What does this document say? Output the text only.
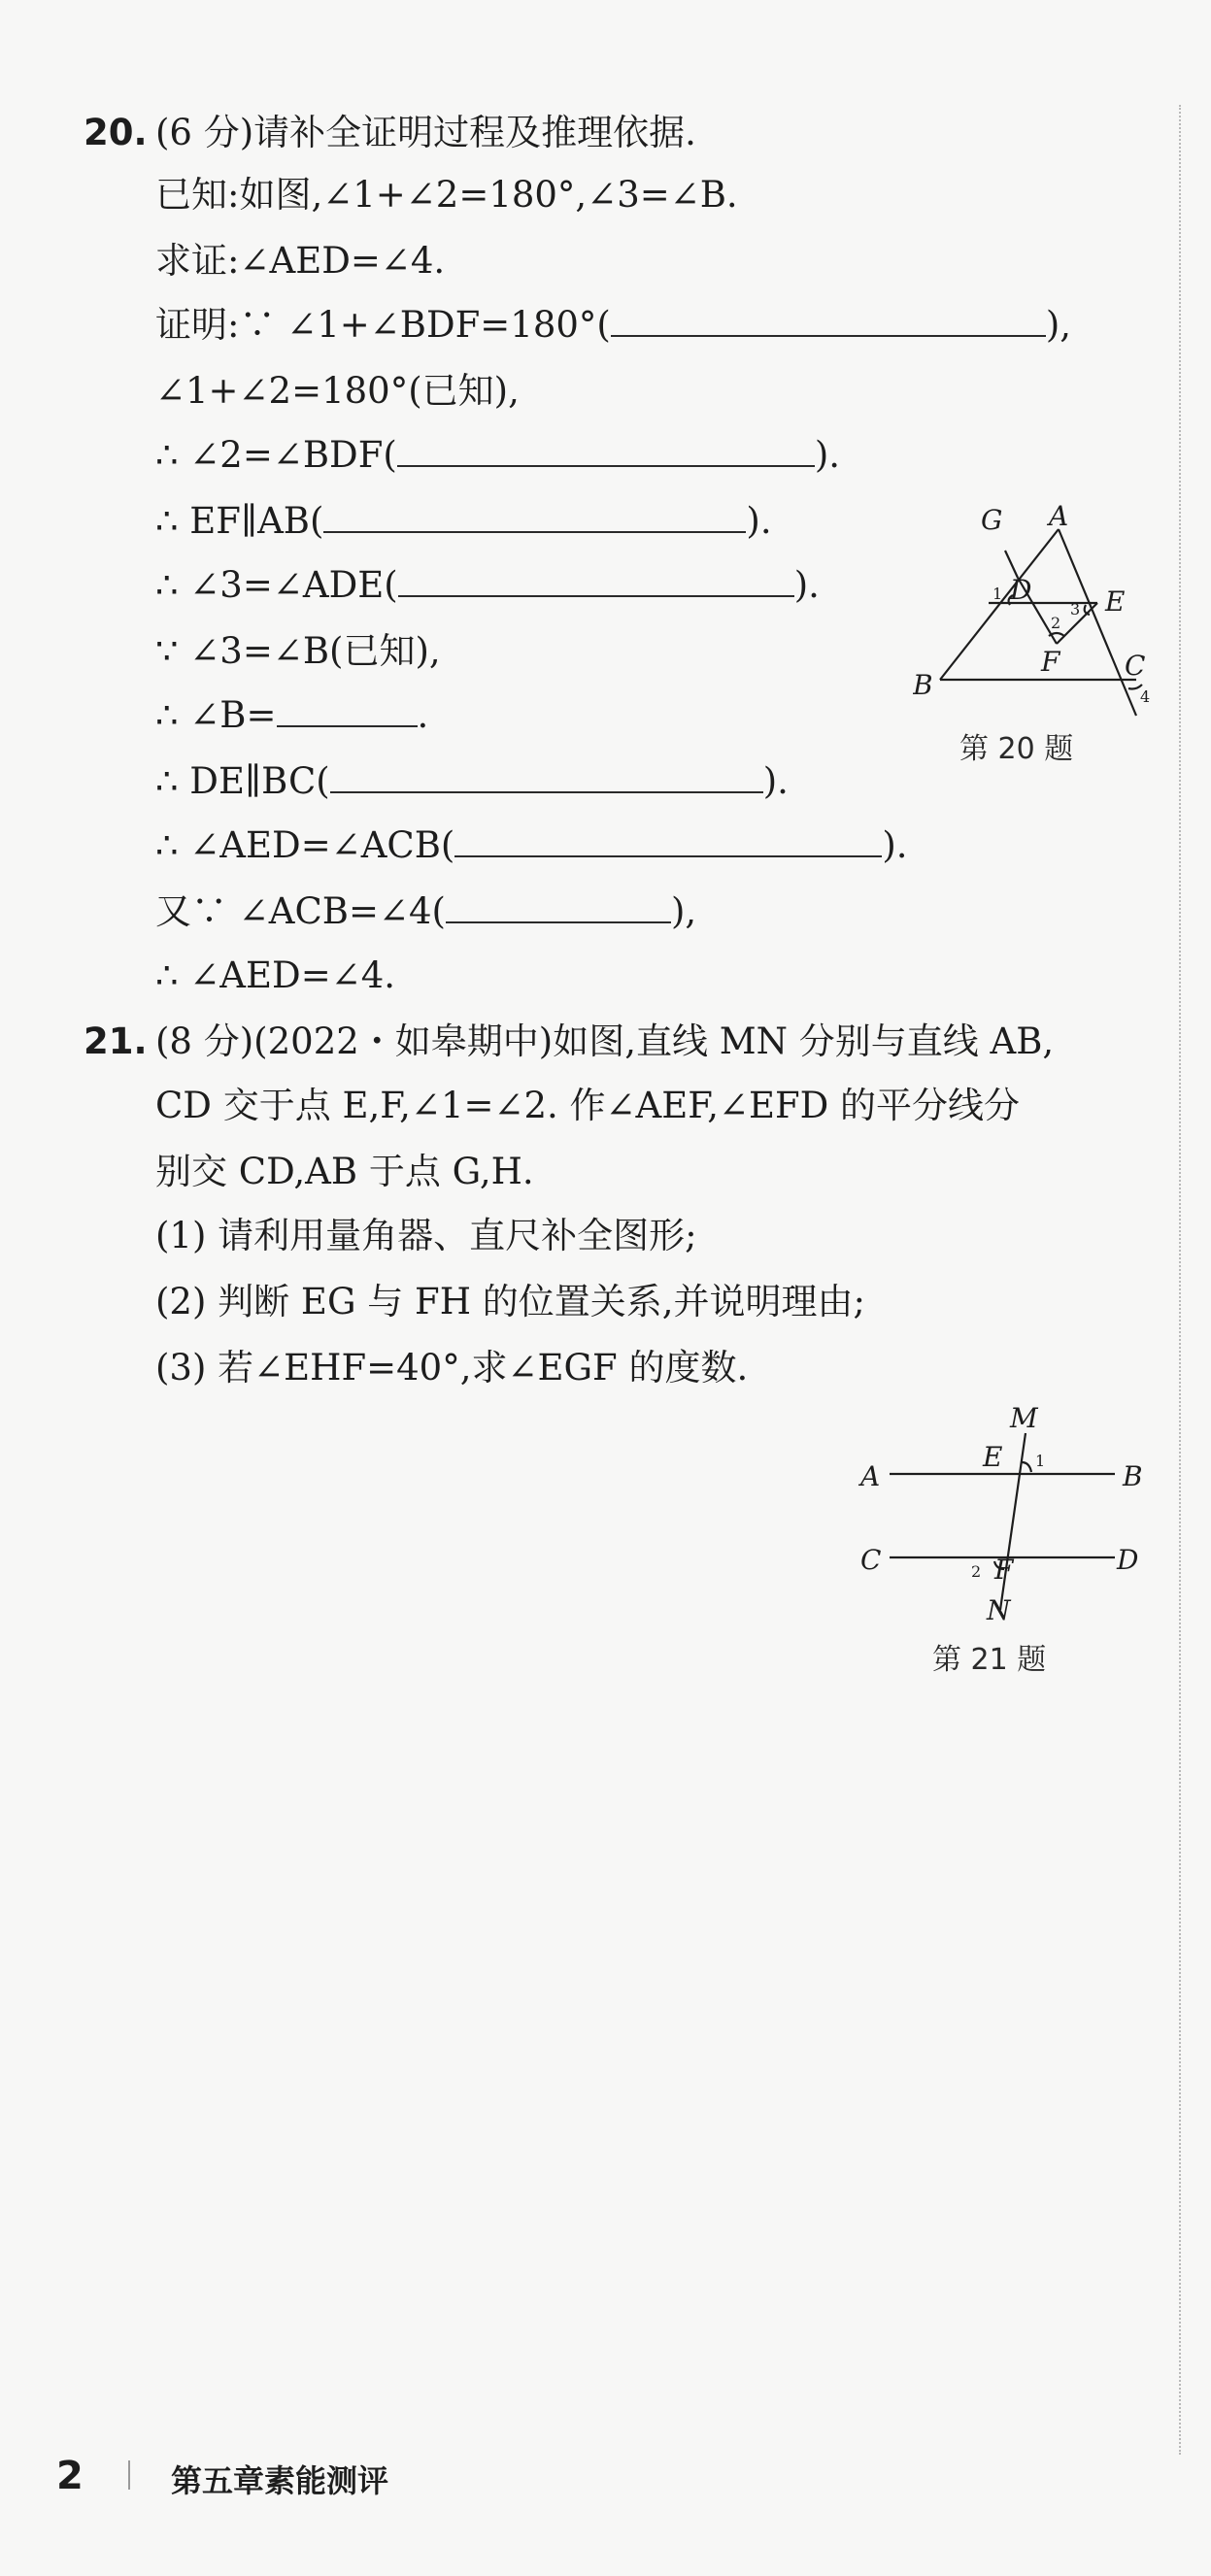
20. (6 分)请补全证明过程及推理依据.
已知:如图,∠1+∠2=180°,∠3=∠B.
求证:∠AED=∠4.
证明:∵ ∠1+∠BDF=180°(	),
∠1+∠2=180°(已知),
∴ ∠2=∠BDF(	).
∴ EF∥AB(	).
∴ ∠3=∠ADE(	).
∵ ∠3=∠B(已知),
∴ ∠B=	.
∴ DE∥BC(	).
∴ ∠AED=∠ACB(	).
又∵ ∠ACB=∠4(	),
∴ ∠AED=∠4.
G A
D	E
B
C
F
1
2
3
4
第 20 题
21. (8 分)(2022・如皋期中)如图,直线 MN 分别与直线 AB,
CD 交于点 E,F,∠1=∠2. 作∠AEF,∠EFD 的平分线分
别交 CD,AB 于点 G,H.
(1) 请利用量角器、直尺补全图形;
(2) 判断 EG 与 FH 的位置关系,并说明理由;
(3) 若∠EHF=40°,求∠EGF 的度数.
M
A
E 1	B
C	2 F	D
N
第 21 题
2	第五章素能测评
